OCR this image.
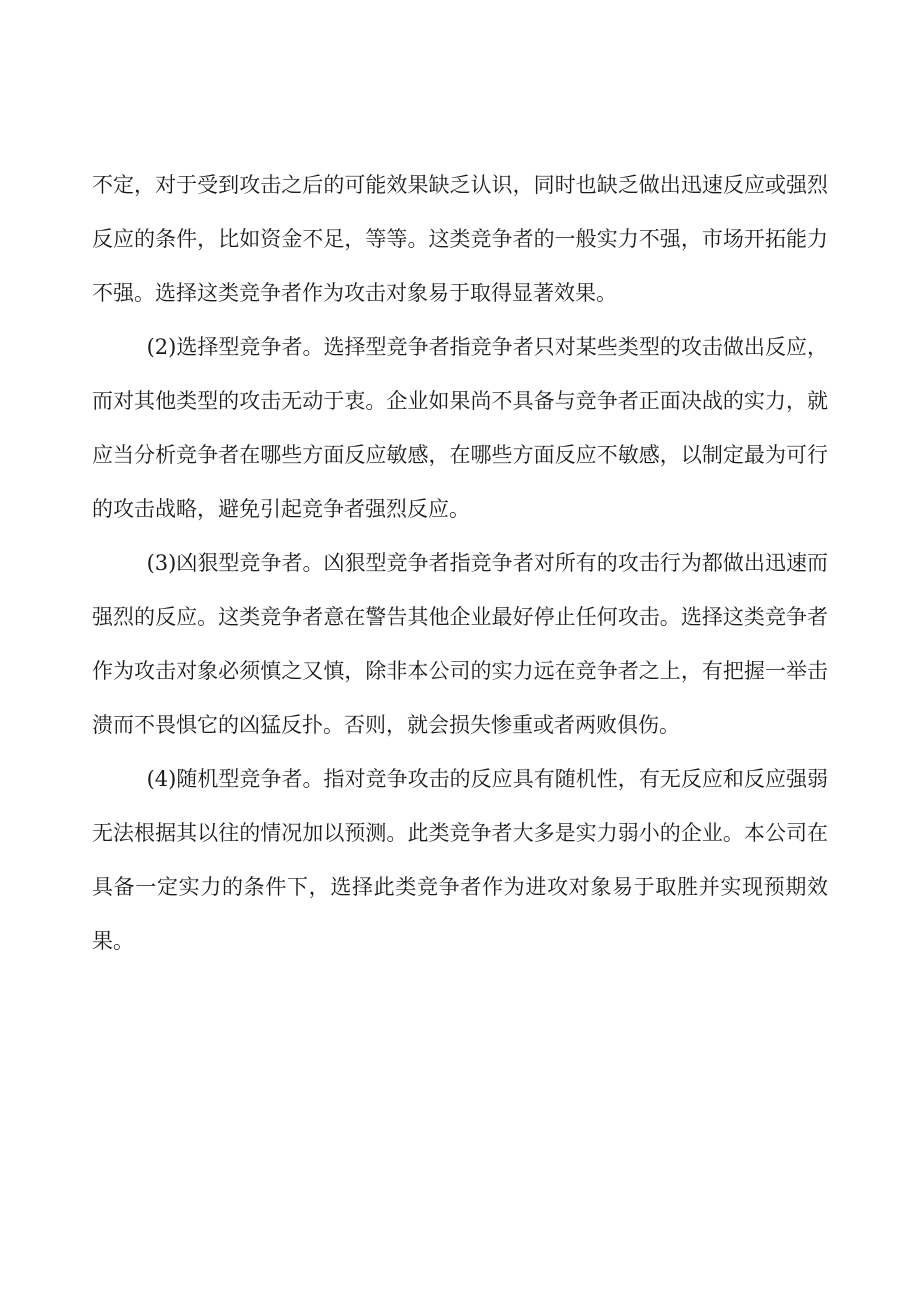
不定，对于受到攻击之后的可能效果缺乏认识，同时也缺乏做出迅速反应或强烈反应的条件，比如资金不足，等等。这类竞争者的一般实力不强，市场开拓能力不强。选择这类竞争者作为攻击对象易于取得显著效果。

(2)选择型竞争者。选择型竞争者指竞争者只对某些类型的攻击做出反应，而对其他类型的攻击无动于衷。企业如果尚不具备与竞争者正面决战的实力，就应当分析竞争者在哪些方面反应敏感，在哪些方面反应不敏感，以制定最为可行的攻击战略，避免引起竞争者强烈反应。

(3)凶狠型竞争者。凶狠型竞争者指竞争者对所有的攻击行为都做出迅速而强烈的反应。这类竞争者意在警告其他企业最好停止任何攻击。选择这类竞争者作为攻击对象必须慎之又慎，除非本公司的实力远在竞争者之上，有把握一举击溃而不畏惧它的凶猛反扑。否则，就会损失惨重或者两败俱伤。

(4)随机型竞争者。指对竞争攻击的反应具有随机性，有无反应和反应强弱无法根据其以往的情况加以预测。此类竞争者大多是实力弱小的企业。本公司在具备一定实力的条件下，选择此类竞争者作为进攻对象易于取胜并实现预期效果。
